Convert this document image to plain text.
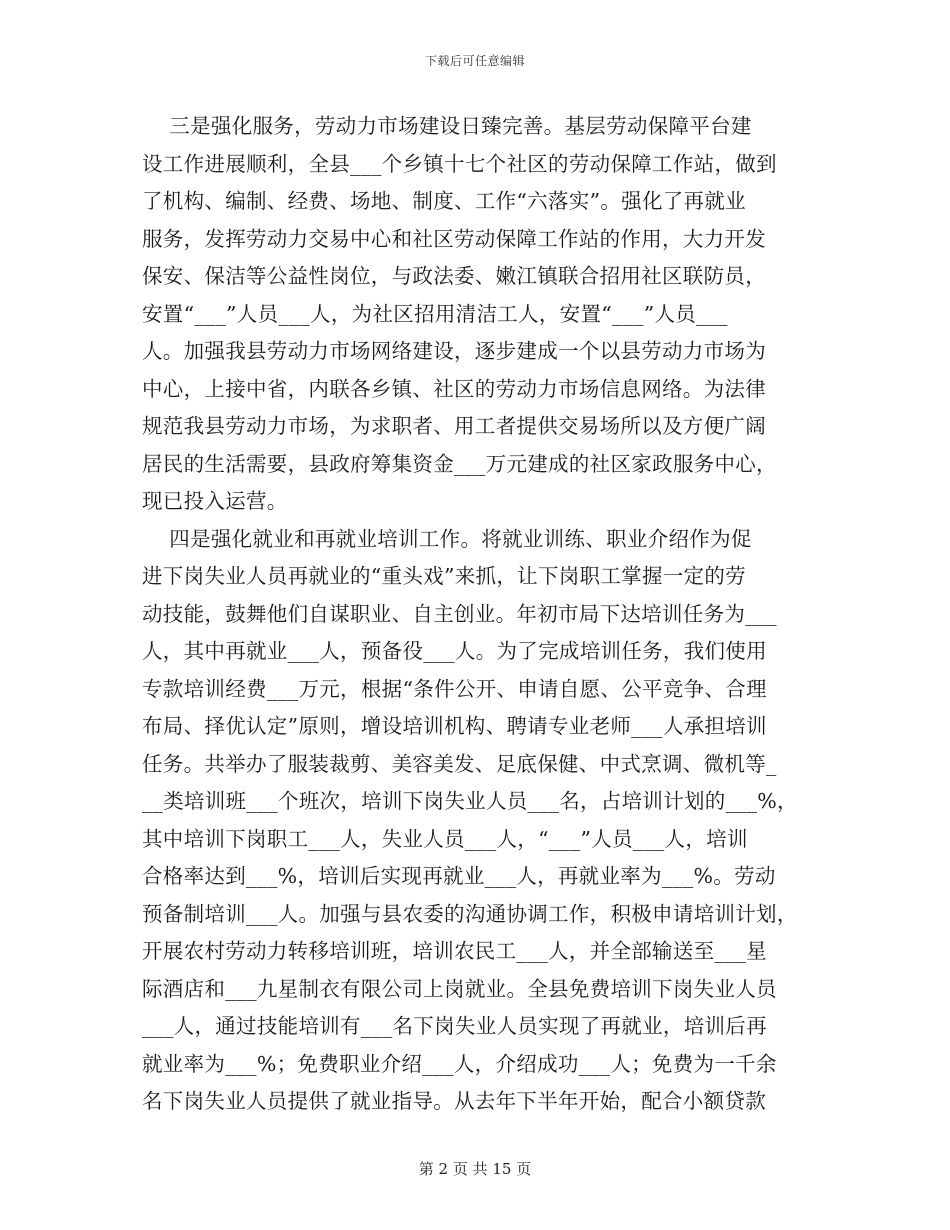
下载后可任意编辑
三是强化服务，劳动力市场建设日臻完善。基层劳动保障平台建
设工作进展顺利，全县___个乡镇十七个社区的劳动保障工作站，做到
了机构、编制、经费、场地、制度、工作“六落实”。强化了再就业
服务，发挥劳动力交易中心和社区劳动保障工作站的作用，大力开发
保安、保洁等公益性岗位，与政法委、嫩江镇联合招用社区联防员，
安置“___”人员___人，为社区招用清洁工人，安置“___”人员___
人。加强我县劳动力市场网络建设，逐步建成一个以县劳动力市场为
中心，上接中省，内联各乡镇、社区的劳动力市场信息网络。为法律
规范我县劳动力市场，为求职者、用工者提供交易场所以及方便广阔
居民的生活需要，县政府筹集资金___万元建成的社区家政服务中心，
现已投入运营。
四是强化就业和再就业培训工作。将就业训练、职业介绍作为促
进下岗失业人员再就业的“重头戏”来抓，让下岗职工掌握一定的劳
动技能，鼓舞他们自谋职业、自主创业。年初市局下达培训任务为___
人，其中再就业___人，预备役___人。为了完成培训任务，我们使用
专款培训经费___万元，根据“条件公开、申请自愿、公平竞争、合理
布局、择优认定”原则，增设培训机构、聘请专业老师___人承担培训
任务。共举办了服装裁剪、美容美发、足底保健、中式烹调、微机等_
__类培训班___个班次，培训下岗失业人员___名，占培训计划的___%，
其中培训下岗职工___人，失业人员___人，“___”人员___人，培训
合格率达到___%，培训后实现再就业___人，再就业率为___%。劳动
预备制培训___人。加强与县农委的沟通协调工作，积极申请培训计划，
开展农村劳动力转移培训班，培训农民工___人，并全部输送至___星
际酒店和___九星制衣有限公司上岗就业。全县免费培训下岗失业人员
___人，通过技能培训有___名下岗失业人员实现了再就业，培训后再
就业率为___%；免费职业介绍___人，介绍成功___人；免费为一千余
名下岗失业人员提供了就业指导。从去年下半年开始，配合小额贷款
第 2 页 共 15 页
